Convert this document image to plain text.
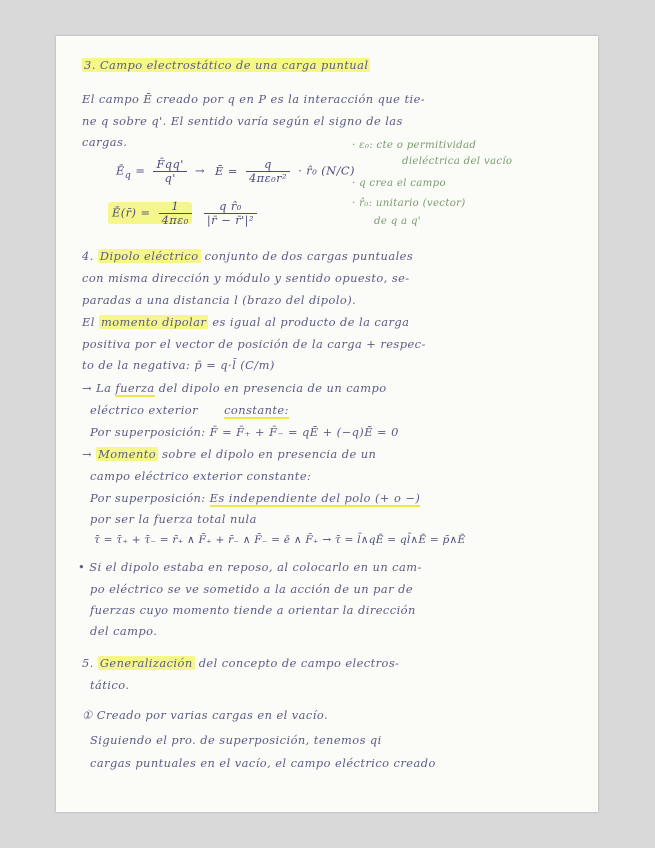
3. Campo electrostático de una carga puntual
El campo Ē creado por q en P es la interacción que tie-
ne q sobre q'. El sentido varía según el signo de las
cargas.
$Ē_q = \frac{F̄qq'}{q'}$ → Ē = $\frac{q}{\text{4πε₀r²}}$ · r̂₀ (N/C)
· ε₀: cte o permitividad
dieléctrica del vacío
· q crea el campo
· r̂₀: unitario (vector)
de q a q'
Ē(r̄) = $\frac{1}{\text{4πε₀}}$
$\frac{\text{q r̂₀}}{\text{|r̄ − r̄'|²}}$
4. Dipolo eléctrico conjunto de dos cargas puntuales
con misma dirección y módulo y sentido opuesto, se-
paradas a una distancia l (brazo del dipolo).
El momento dipolar es igual al producto de la carga
positiva por el vector de posición de la carga + respec-
to de la negativa: p̄ = q·l̄ (C/m)
→ La fuerza del dipolo en presencia de un campo
eléctrico exterior constante:
Por superposición: F̄ = F̄₊ + F̄₋ = qĒ + (−q)Ē = 0
→ Momento sobre el dipolo en presencia de un
campo eléctrico exterior constante:
Por superposición: Es independiente del polo (+ o −)
por ser la fuerza total nula
τ̄ = τ̄₊ + τ̄₋ = r̄₊ ∧ F̄₊ + r̄₋ ∧ F̄₋ = ē ∧ F̄₊ → τ̄ = l̄∧qĒ = ql̄∧Ē = p̄∧Ē
• Si el dipolo estaba en reposo, al colocarlo en un cam-
po eléctrico se ve sometido a la acción de un par de
fuerzas cuyo momento tiende a orientar la dirección
del campo.
5. Generalización del concepto de campo electros-
tático.
① Creado por varias cargas en el vacío.
Siguiendo el pro. de superposición, tenemos qi
cargas puntuales en el vacío, el campo eléctrico creado
